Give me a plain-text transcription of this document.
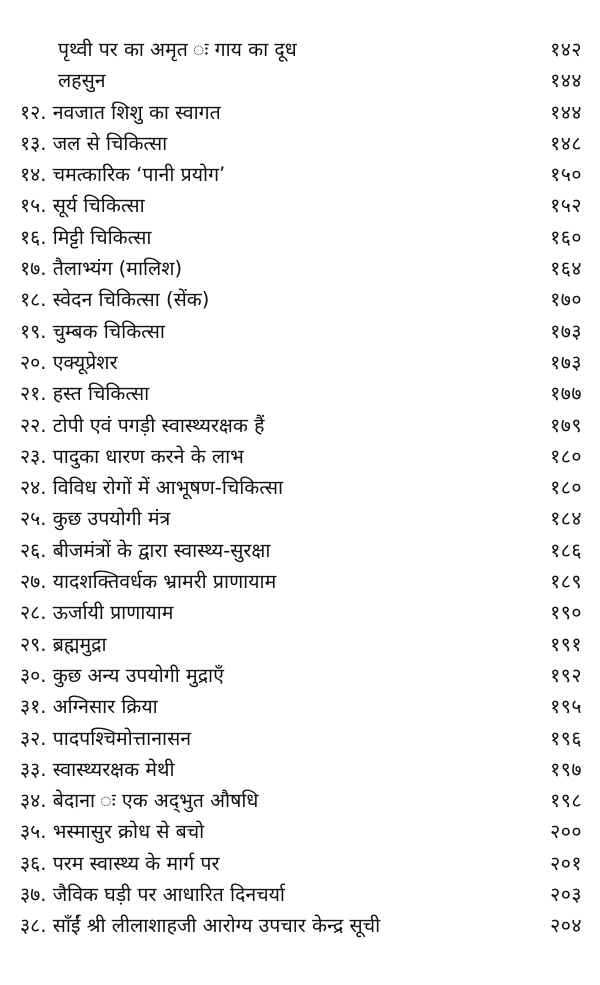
पृथ्वी पर का अमृत ः गाय का दूध	१४२
लहसुन	१४४
१२. नवजात शिशु का स्वागत	१४४
१३. जल से चिकित्सा	१४८
१४. चमत्कारिक ‘पानी प्रयोग’	१५०
१५. सूर्य चिकित्सा	१५२
१६. मिट्टी चिकित्सा	१६०
१७. तैलाभ्यंग (मालिश)	१६४
१८. स्वेदन चिकित्सा (सेंक)	१७०
१९. चुम्बक चिकित्सा	१७३
२०. एक्यूप्रेशर	१७३
२१. हस्त चिकित्सा	१७७
२२. टोपी एवं पगड़ी स्वास्थ्यरक्षक हैं	१७९
२३. पादुका धारण करने के लाभ	१८०
२४. विविध रोगों में आभूषण-चिकित्सा	१८०
२५. कुछ उपयोगी मंत्र	१८४
२६. बीजमंत्रों के द्वारा स्वास्थ्य-सुरक्षा	१८६
२७. यादशक्तिवर्धक भ्रामरी प्राणायाम	१८९
२८. ऊर्जायी प्राणायाम	१९०
२९. ब्रह्ममुद्रा	१९१
३०. कुछ अन्य उपयोगी मुद्राएँ	१९२
३१. अग्निसार क्रिया	१९५
३२. पादपश्चिमोत्तानासन	१९६
३३. स्वास्थ्यरक्षक मेथी	१९७
३४. बेदाना ः एक अद्‌भुत औषधि	१९८
३५. भस्मासुर क्रोध से बचो	२००
३६. परम स्वास्थ्य के मार्ग पर	२०१
३७. जैविक घड़ी पर आधारित दिनचर्या	२०३
३८. साँईं श्री लीलाशाहजी आरोग्य उपचार केन्द्र सूची	२०४
